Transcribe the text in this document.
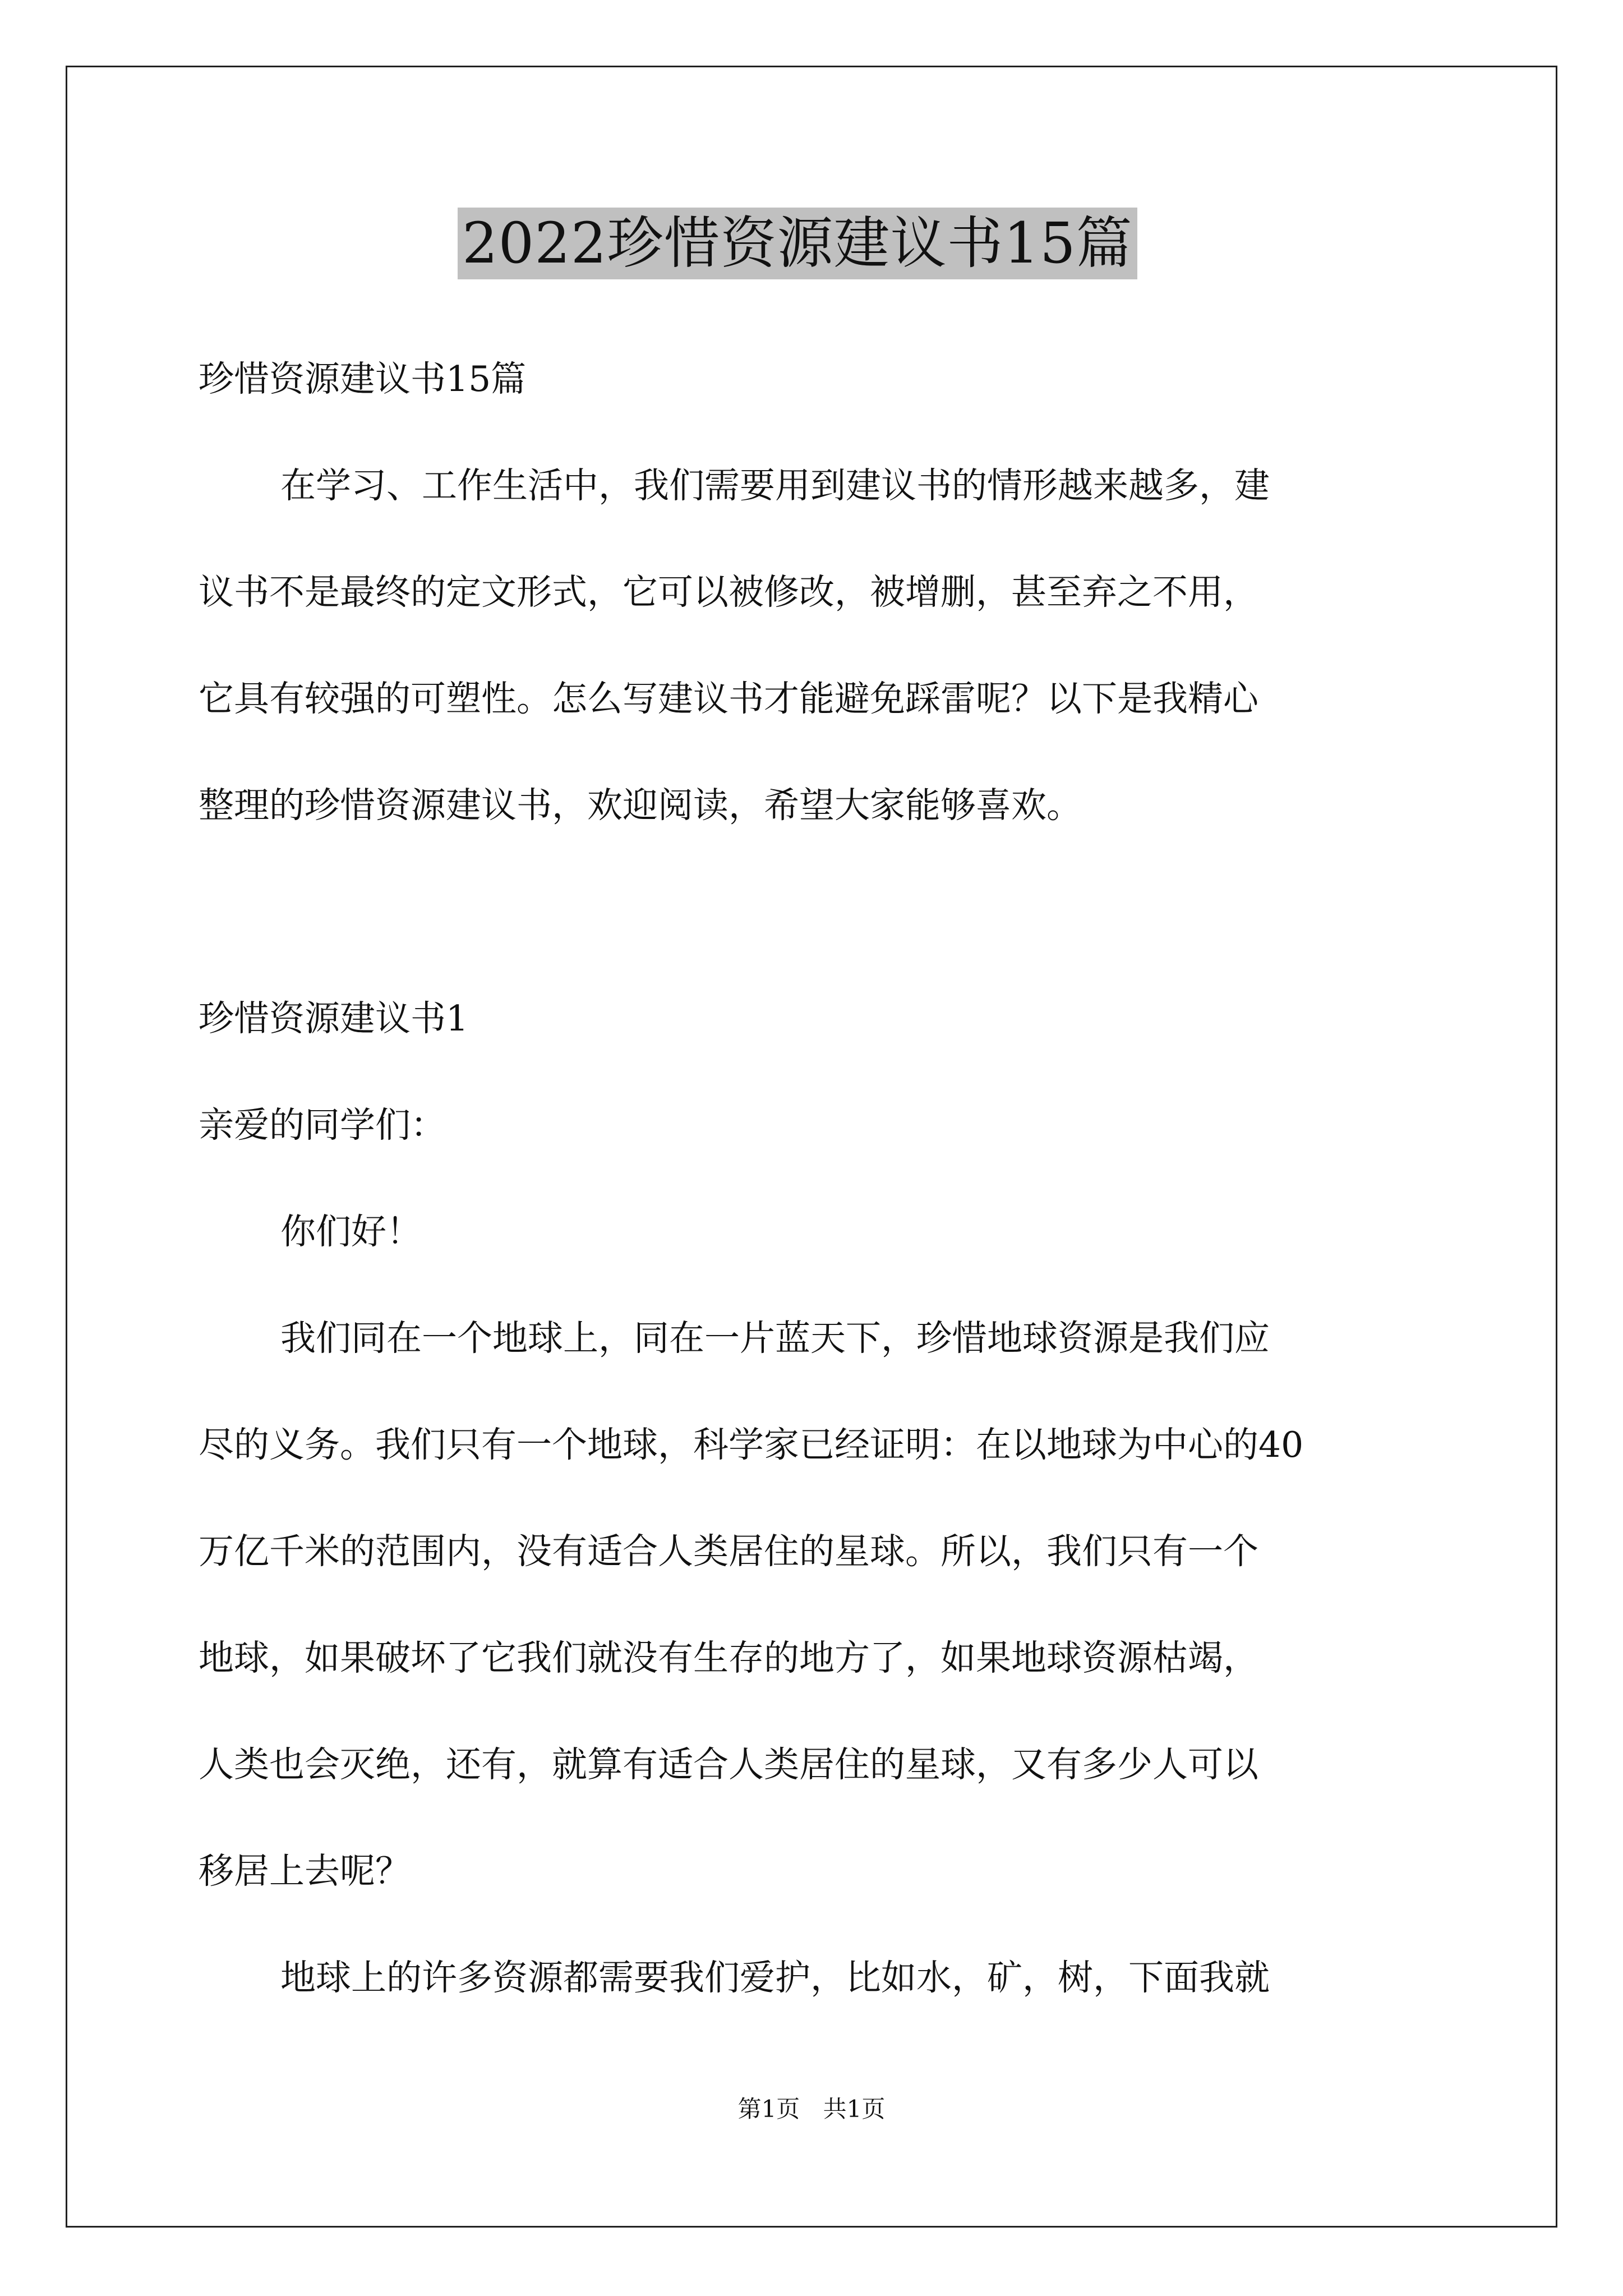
2022珍惜资源建议书15篇
珍惜资源建议书15篇
在学习、工作生活中，我们需要用到建议书的情形越来越多，建
议书不是最终的定文形式，它可以被修改，被增删，甚至弃之不用，
它具有较强的可塑性。怎么写建议书才能避免踩雷呢？以下是我精心
整理的珍惜资源建议书，欢迎阅读，希望大家能够喜欢。
珍惜资源建议书1
亲爱的同学们：
你们好！
我们同在一个地球上，同在一片蓝天下，珍惜地球资源是我们应
尽的义务。我们只有一个地球，科学家已经证明：在以地球为中心的40
万亿千米的范围内，没有适合人类居住的星球。所以，我们只有一个
地球，如果破坏了它我们就没有生存的地方了，如果地球资源枯竭，
人类也会灭绝，还有，就算有适合人类居住的星球，又有多少人可以
移居上去呢？
地球上的许多资源都需要我们爱护，比如水，矿，树，下面我就
第1页 共1页
